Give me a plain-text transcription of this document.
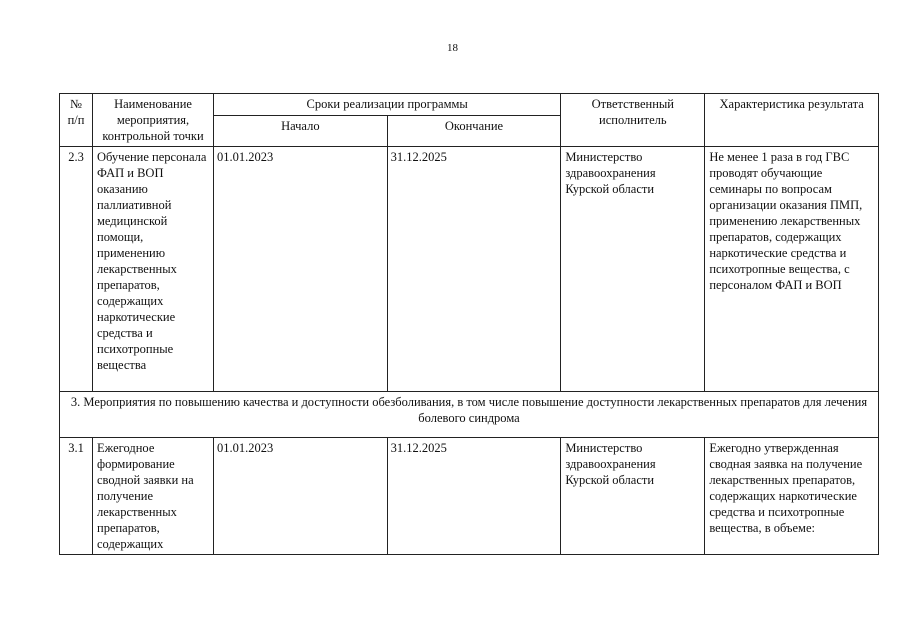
18
№ п/п	Наименование мероприятия, контрольной точки	Сроки реализации программы		Ответственный исполнитель	Характеристика результата
		Начало	Окончание		
2.3	Обучение персонала ФАП и ВОП оказанию паллиативной медицинской помощи, применению лекарственных препаратов, содержащих наркотические средства и психотропные вещества	01.01.2023	31.12.2025	Министерство здравоохранения Курской области	Не менее 1 раза в год ГВС проводят обучающие семинары по вопросам организации оказания ПМП, применению лекарственных препаратов, содержащих наркотические средства и психотропные вещества, с персоналом ФАП и ВОП
3. Мероприятия по повышению качества и доступности обезболивания, в том числе повышение доступности лекарственных препаратов для лечения болевого синдрома					
3.1	Ежегодное формирование сводной заявки на получение лекарственных препаратов, содержащих	01.01.2023	31.12.2025	Министерство здравоохранения Курской области	Ежегодно утвержденная сводная заявка на получение лекарственных препаратов, содержащих наркотические средства и психотропные вещества, в объеме:
